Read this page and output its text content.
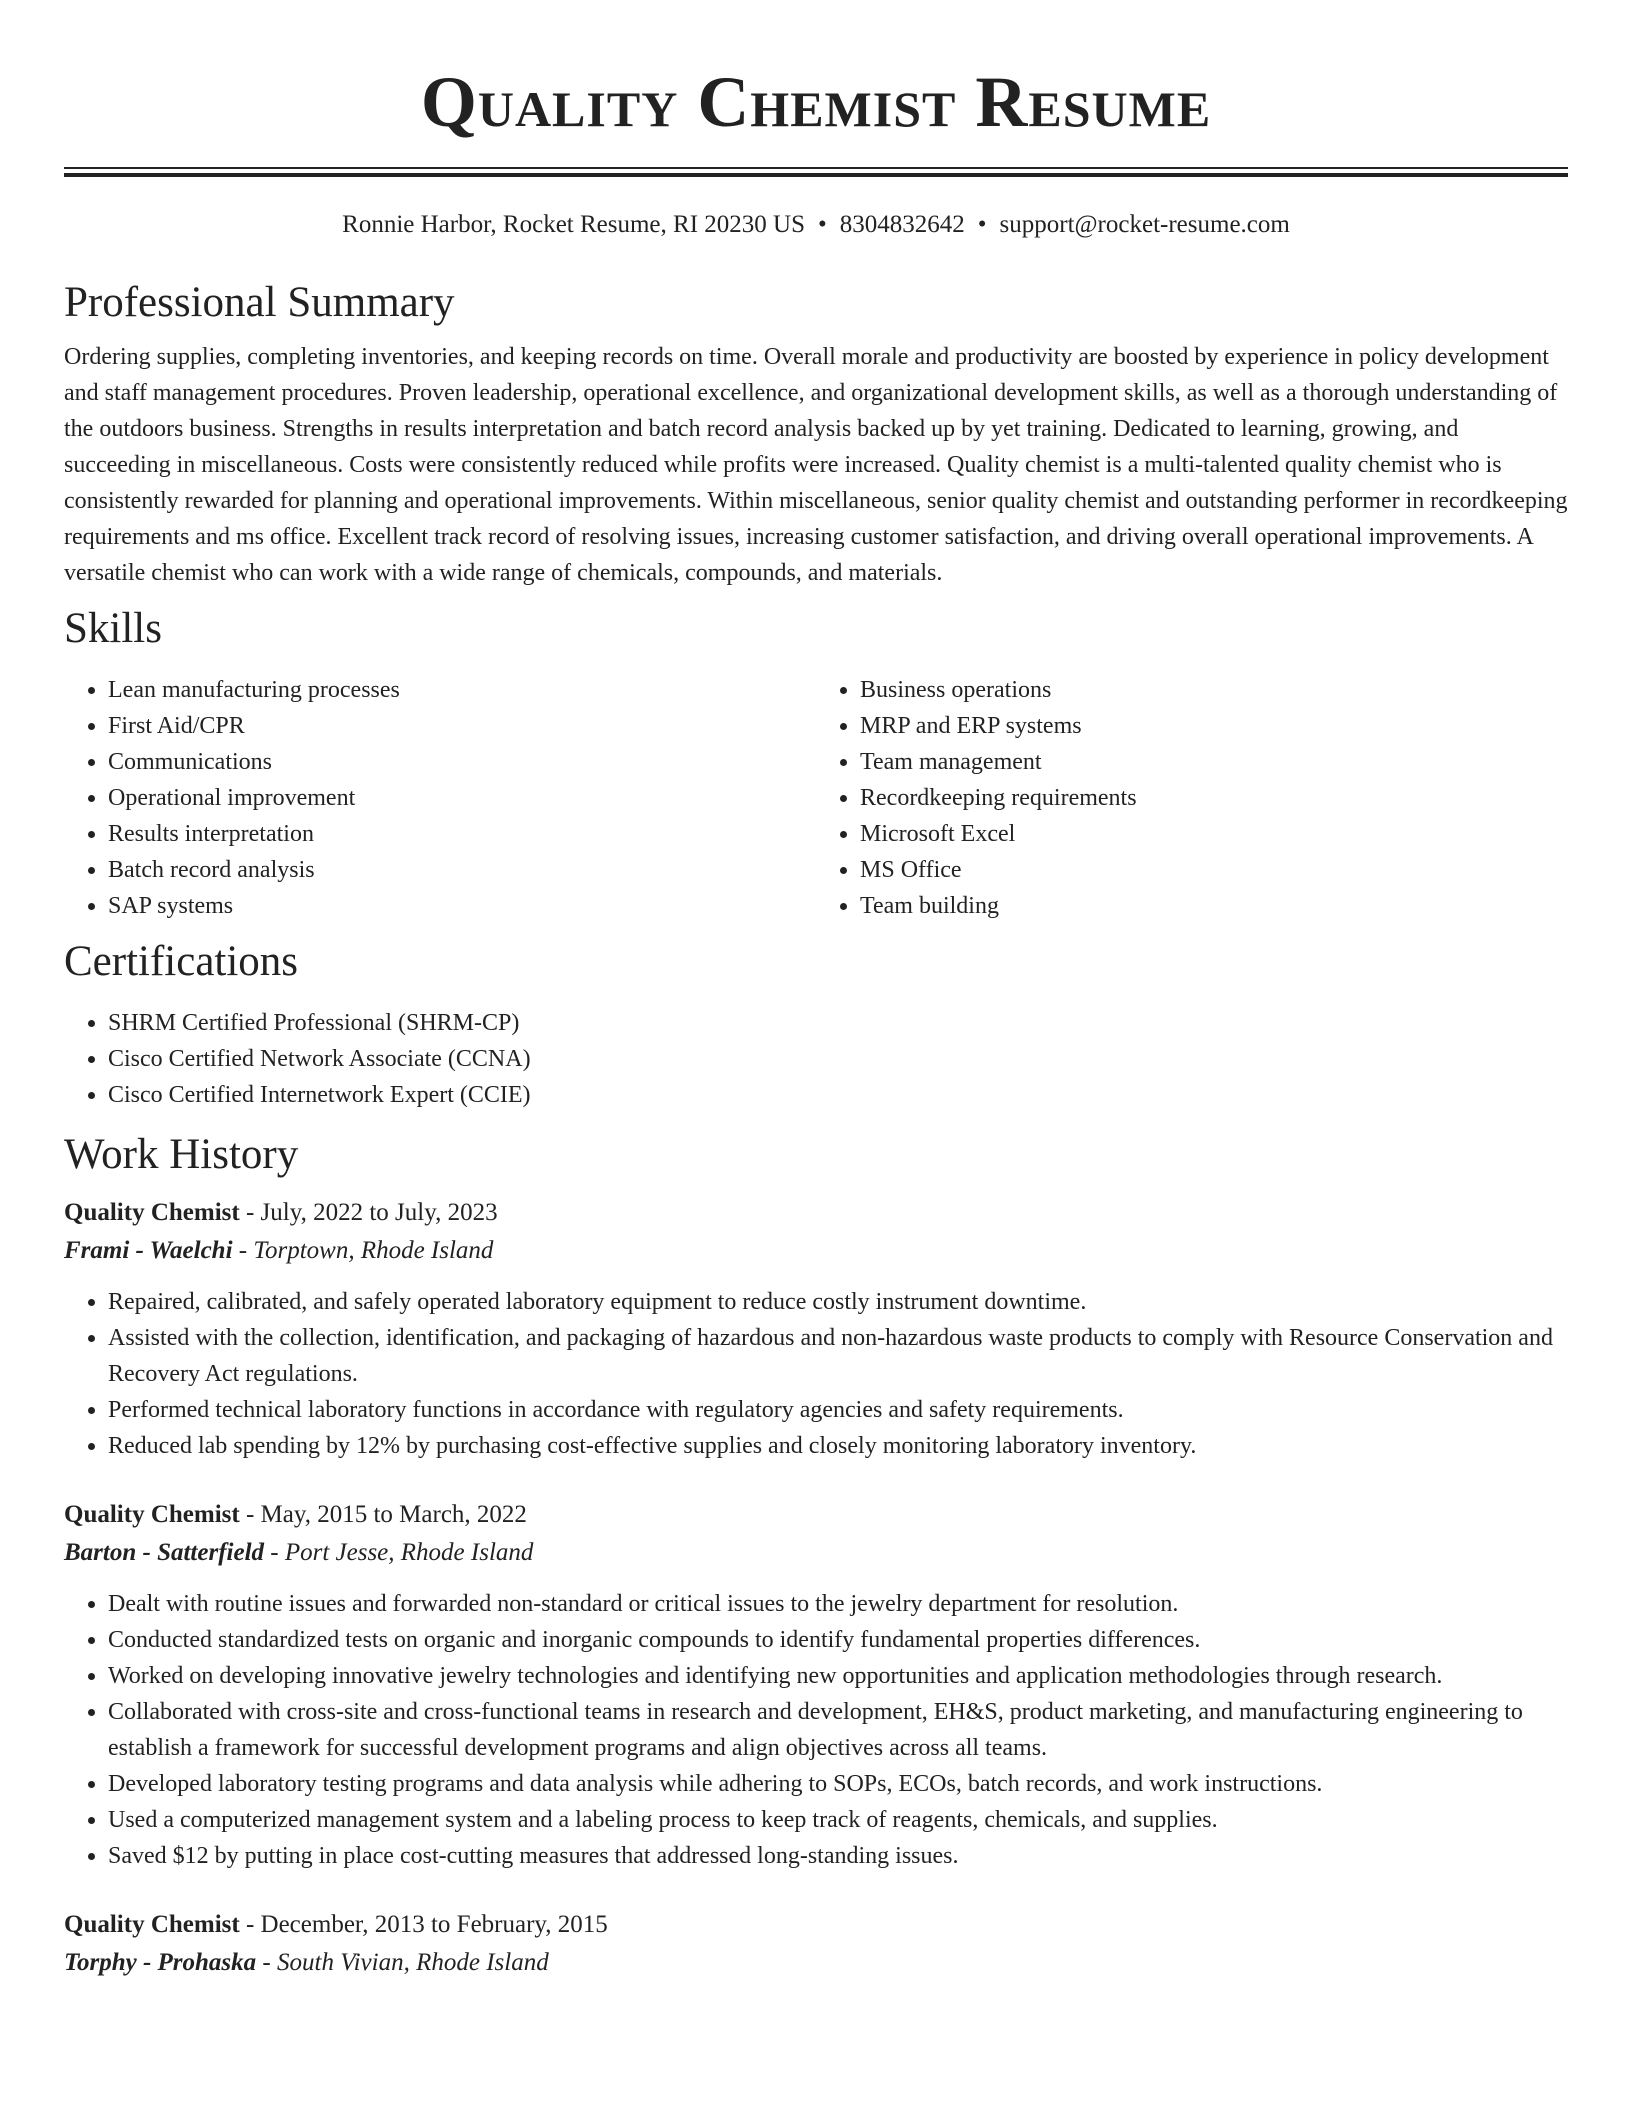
Quality Chemist Resume
Ronnie Harbor, Rocket Resume, RI 20230 US • 8304832642 • support@rocket-resume.com
Professional Summary

Ordering supplies, completing inventories, and keeping records on time. Overall morale and productivity are boosted by experience in policy development and staff management procedures. Proven leadership, operational excellence, and organizational development skills, as well as a thorough understanding of the outdoors business. Strengths in results interpretation and batch record analysis backed up by yet training. Dedicated to learning, growing, and succeeding in miscellaneous. Costs were consistently reduced while profits were increased. Quality chemist is a multi-talented quality chemist who is consistently rewarded for planning and operational improvements. Within miscellaneous, senior quality chemist and outstanding performer in recordkeeping requirements and ms office. Excellent track record of resolving issues, increasing customer satisfaction, and driving overall operational improvements. A versatile chemist who can work with a wide range of chemicals, compounds, and materials.

Skills
• Lean manufacturing processes
• First Aid/CPR
• Communications
• Operational improvement
• Results interpretation
• Batch record analysis
• SAP systems
• Business operations
• MRP and ERP systems
• Team management
• Recordkeeping requirements
• Microsoft Excel
• MS Office
• Team building
Certifications
• SHRM Certified Professional (SHRM-CP)
• Cisco Certified Network Associate (CCNA)
• Cisco Certified Internetwork Expert (CCIE)
Work History
Quality Chemist - July, 2022 to July, 2023
Frami - Waelchi - Torptown, Rhode Island
• Repaired, calibrated, and safely operated laboratory equipment to reduce costly instrument downtime.
• Assisted with the collection, identification, and packaging of hazardous and non-hazardous waste products to comply with Resource Conservation and Recovery Act regulations.
• Performed technical laboratory functions in accordance with regulatory agencies and safety requirements.
• Reduced lab spending by 12% by purchasing cost-effective supplies and closely monitoring laboratory inventory.
Quality Chemist - May, 2015 to March, 2022
Barton - Satterfield - Port Jesse, Rhode Island
• Dealt with routine issues and forwarded non-standard or critical issues to the jewelry department for resolution.
• Conducted standardized tests on organic and inorganic compounds to identify fundamental properties differences.
• Worked on developing innovative jewelry technologies and identifying new opportunities and application methodologies through research.
• Collaborated with cross-site and cross-functional teams in research and development, EH&S, product marketing, and manufacturing engineering to establish a framework for successful development programs and align objectives across all teams.
• Developed laboratory testing programs and data analysis while adhering to SOPs, ECOs, batch records, and work instructions.
• Used a computerized management system and a labeling process to keep track of reagents, chemicals, and supplies.
• Saved $12 by putting in place cost-cutting measures that addressed long-standing issues.
Quality Chemist - December, 2013 to February, 2015
Torphy - Prohaska - South Vivian, Rhode Island
